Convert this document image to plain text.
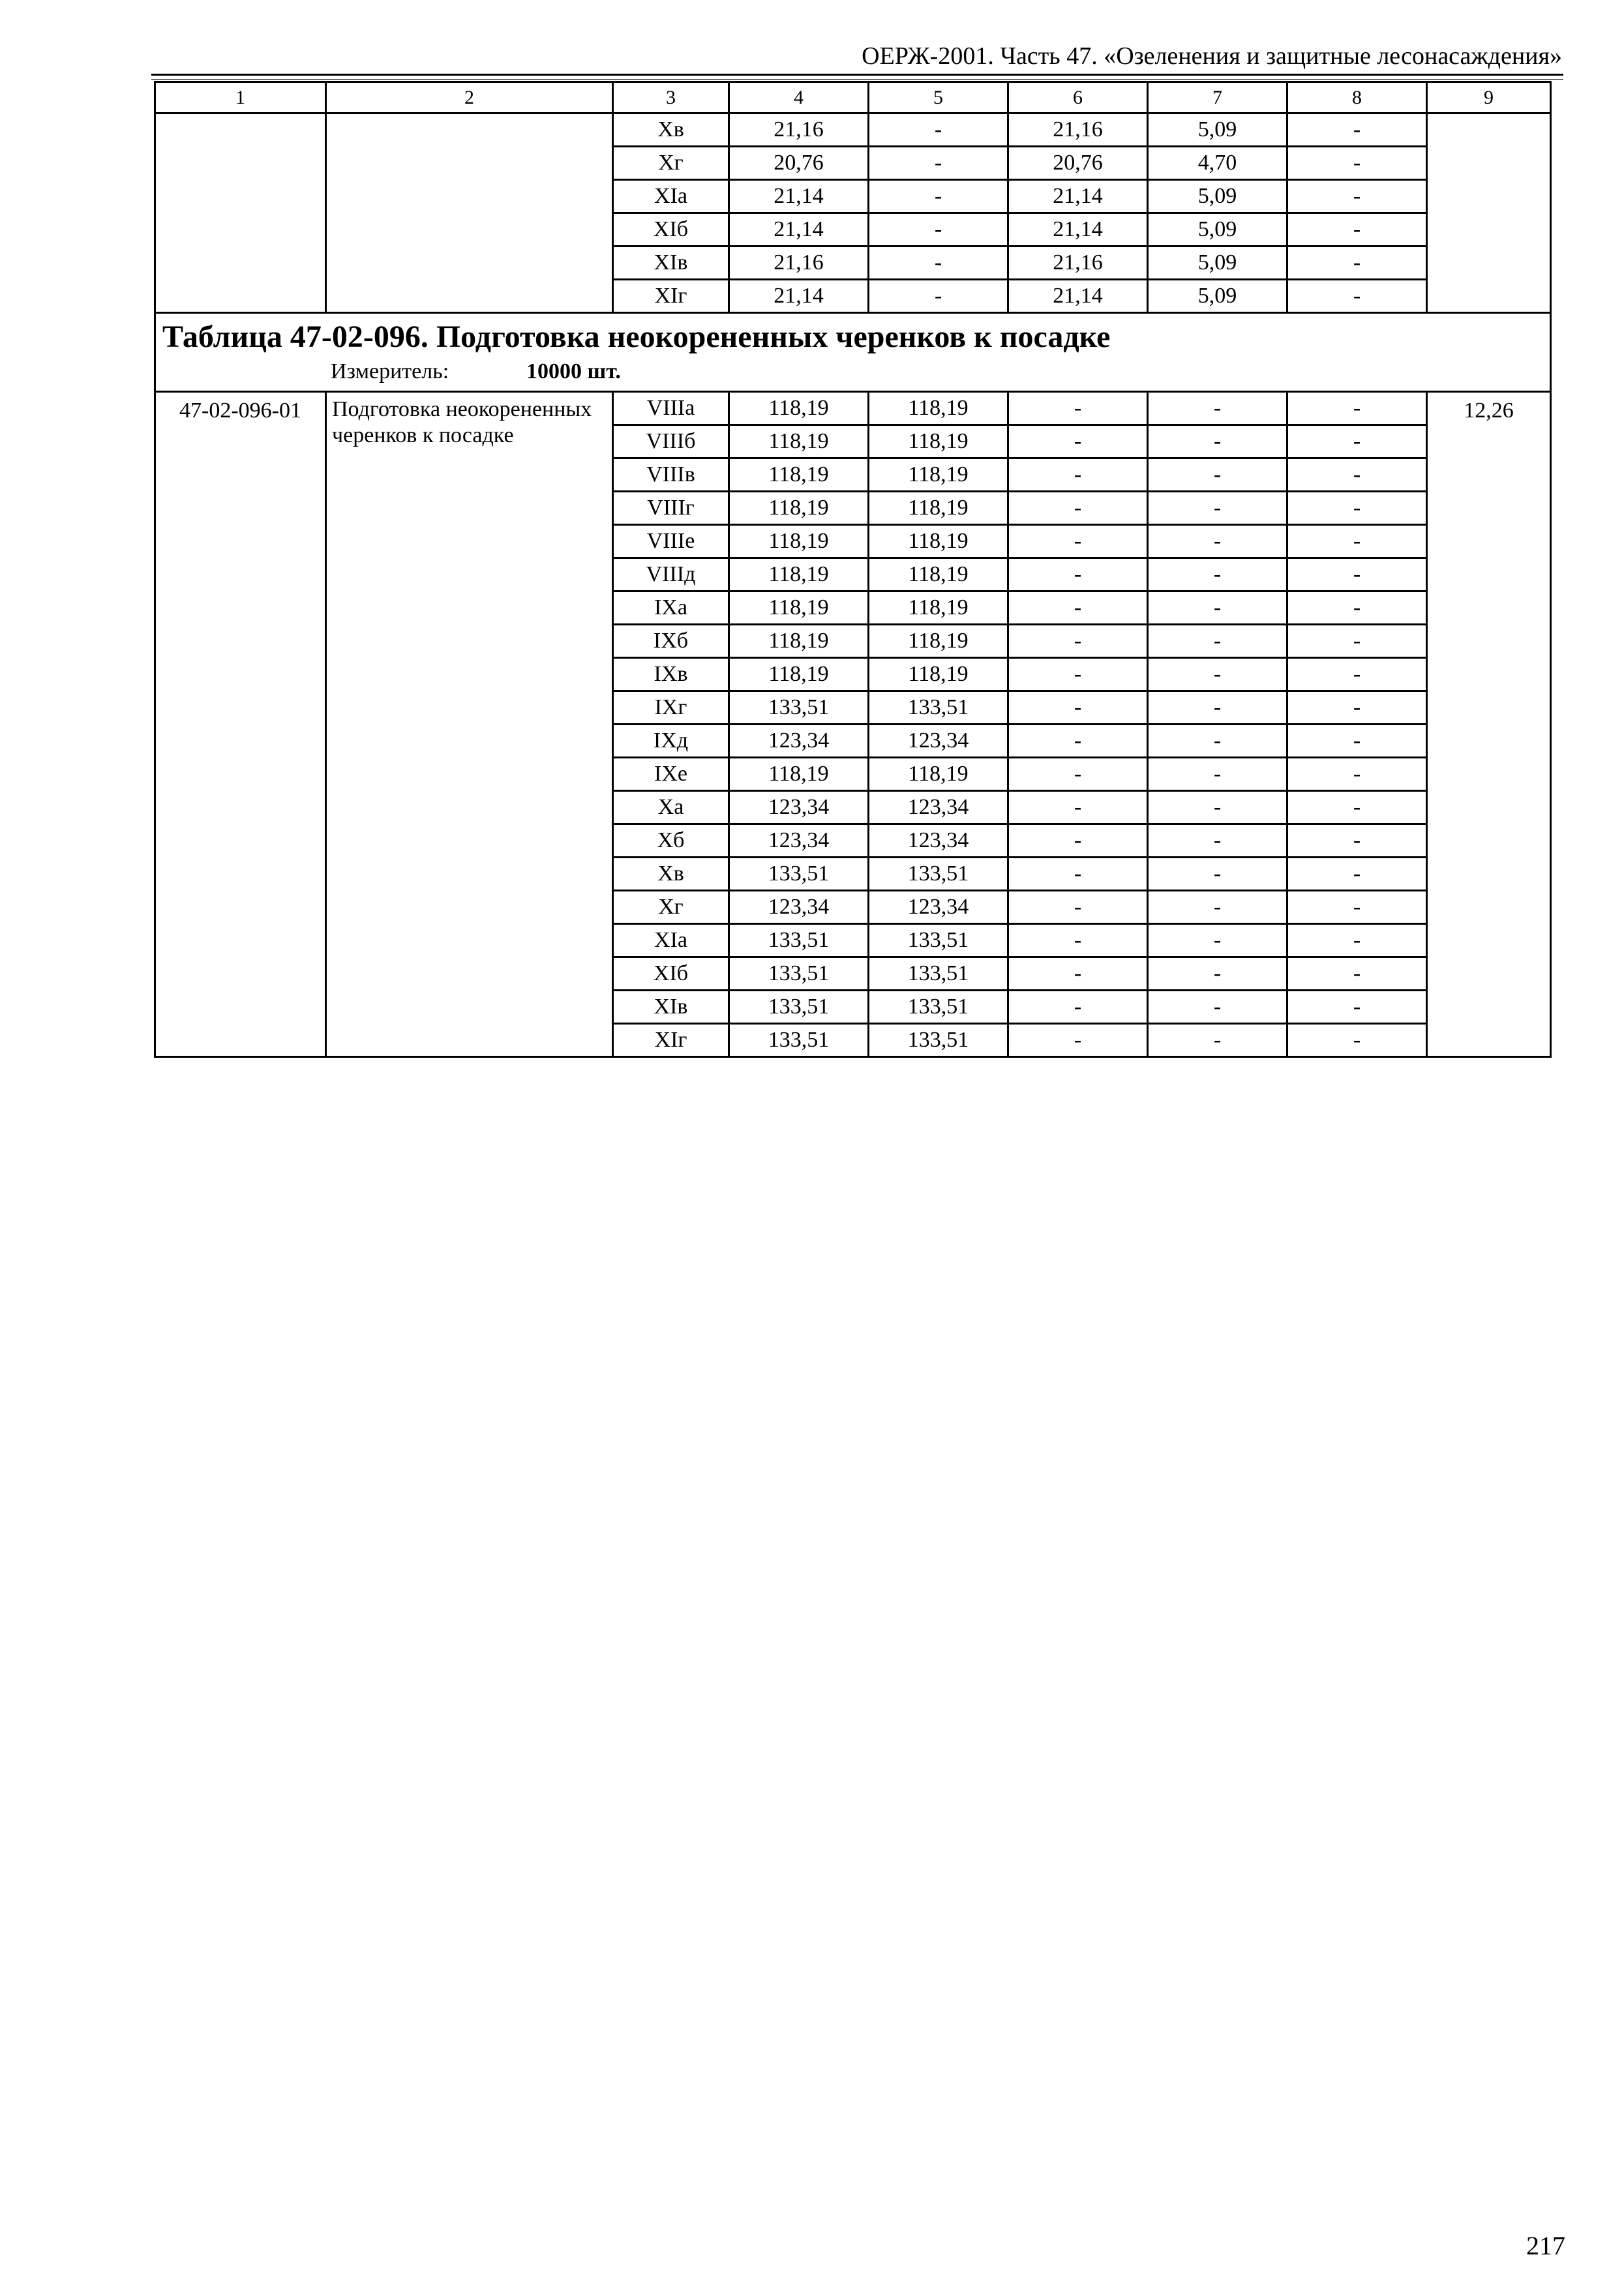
ОЕРЖ-2001. Часть 47. «Озеленения и защитные лесонасаждения»
1	2	3	4	5	6	7	8	9
		Xв	21,16	-	21,16	5,09	-	
		Xг	20,76	-	20,76	4,70	-	
		XIа	21,14	-	21,14	5,09	-	
		XIб	21,14	-	21,14	5,09	-	
		XIв	21,16	-	21,16	5,09	-	
		XIг	21,14	-	21,14	5,09	-	

Таблица 47-02-096. Подготовка неокорененных черенков к посадке
Измеритель: 10000 шт.								

47-02-096-01	Подготовка неокорененных черенков к посадке	VIIIа	118,19	118,19	-	-	-	12,26
		VIIIб	118,19	118,19	-	-	-	
		VIIIв	118,19	118,19	-	-	-	
		VIIIг	118,19	118,19	-	-	-	
		VIIIе	118,19	118,19	-	-	-	
		VIIIд	118,19	118,19	-	-	-	
		IXа	118,19	118,19	-	-	-	
		IXб	118,19	118,19	-	-	-	
		IXв	118,19	118,19	-	-	-	
		IXг	133,51	133,51	-	-	-	
		IXд	123,34	123,34	-	-	-	
		IXе	118,19	118,19	-	-	-	
		Xа	123,34	123,34	-	-	-	
		Xб	123,34	123,34	-	-	-	
		Xв	133,51	133,51	-	-	-	
		Xг	123,34	123,34	-	-	-	
		XIа	133,51	133,51	-	-	-	
		XIб	133,51	133,51	-	-	-	
		XIв	133,51	133,51	-	-	-	
		XIг	133,51	133,51	-	-	-	
217
